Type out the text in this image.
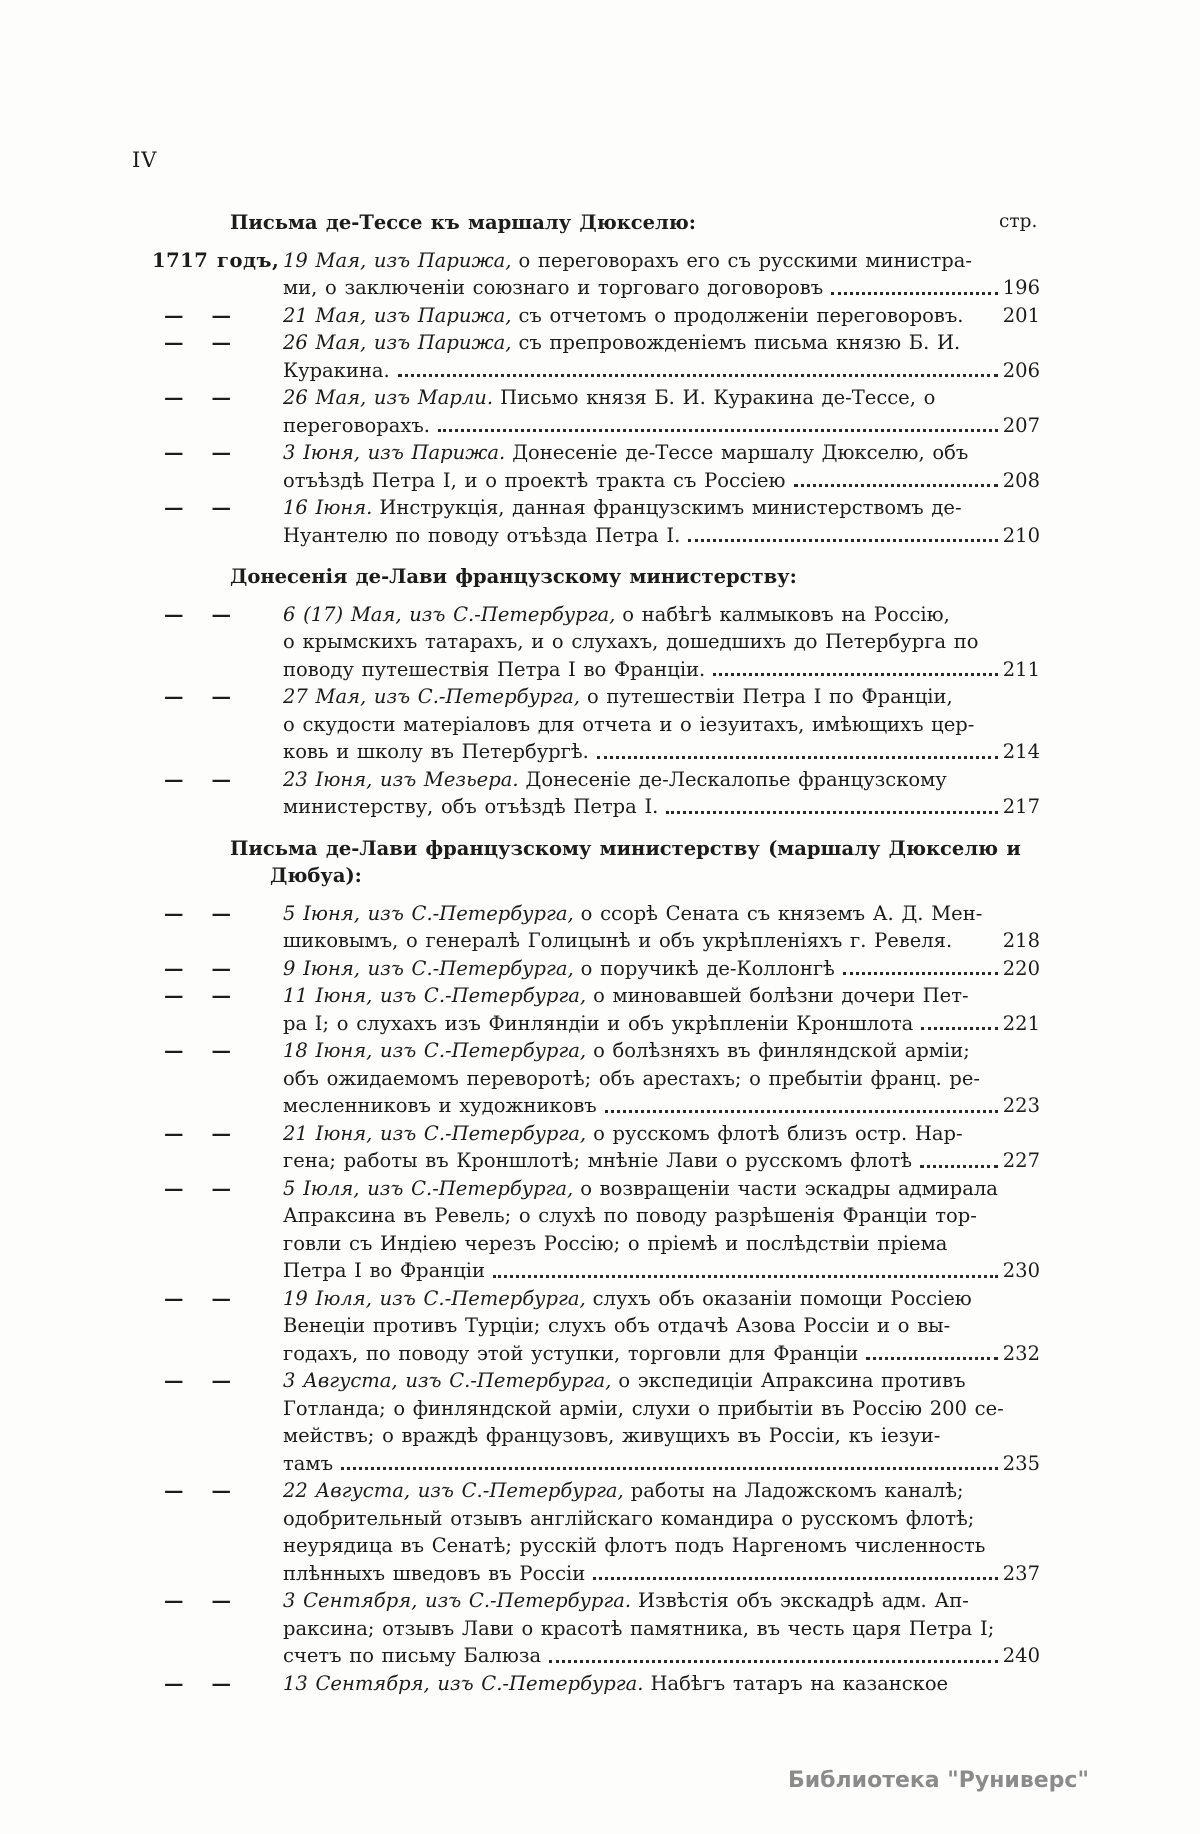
IV
стр.
Письма де-Тессе къ маршалу Дюкселю:
1717 годъ, 19 Мая, изъ Парижа, о переговорахъ его съ русскими министра-
ми, о заключеніи союзнаго и торговаго договоровъ	196
— —	21 Мая, изъ Парижа, съ отчетомъ о продолженіи переговоровъ. 201
— —	26 Мая, изъ Парижа, съ препровожденіемъ письма князю Б. И.
Куракина.	206
— —	26 Мая, изъ Марли. Письмо князя Б. И. Куракина де-Тессе, о
переговорахъ.	207
— —	3 Іюня, изъ Парижа. Донесеніе де-Тессе маршалу Дюкселю, объ
отъѣздѣ Петра I, и о проектѣ тракта съ Россіею	208
— —	16 Іюня. Инструкція, данная французскимъ министерствомъ де-
Нуантелю по поводу отъѣзда Петра I.	210
Донесенія де-Лави французскому министерству:
— —	6 (17) Мая, изъ С.-Петербурга, о набѣгѣ калмыковъ на Россію,
о крымскихъ татарахъ, и о слухахъ, дошедшихъ до Петербурга по
поводу путешествія Петра I во Франціи.	211
— —	27 Мая, изъ С.-Петербурга, о путешествіи Петра I по Франціи,
о скудости матеріаловъ для отчета и о іезуитахъ, имѣющихъ цер-
ковь и школу въ Петербургѣ.	214
— —	23 Іюня, изъ Мезьера. Донесеніе де-Лескалопье французскому
министерству, объ отъѣздѣ Петра I.	217
Письма де-Лави французскому министерству (маршалу Дюкселю и
Дюбуа):
— —	5 Іюня, изъ С.-Петербурга, о ссорѣ Сената съ княземъ А. Д. Мен-
шиковымъ, о генералѣ Голицынѣ и объ укрѣпленіяхъ г. Ревеля.	218
— —	9 Іюня, изъ С.-Петербурга, о поручикѣ де-Коллонгѣ	220
— —	11 Іюня, изъ С.-Петербурга, о миновавшей болѣзни дочери Пет-
ра I; о слухахъ изъ Финляндіи и объ укрѣпленіи Кроншлота	221
— —	18 Іюня, изъ С.-Петербурга, о болѣзняхъ въ финляндской арміи;
объ ожидаемомъ переворотѣ; объ арестахъ; о пребытіи франц. ре-
месленниковъ и художниковъ	223
— —	21 Іюня, изъ С.-Петербурга, о русскомъ флотѣ близъ остр. Нар-
гена; работы въ Кроншлотѣ; мнѣніе Лави о русскомъ флотѣ	227
— —	5 Іюля, изъ С.-Петербурга, о возвращеніи части эскадры адмирала
Апраксина въ Ревель; о слухѣ по поводу разрѣшенія Франціи тор-
говли съ Индіею черезъ Россію; о пріемѣ и послѣдствіи пріема
Петра I во Франціи	230
— —	19 Іюля, изъ С.-Петербурга, слухъ объ оказаніи помощи Россіею
Венеціи противъ Турціи; слухъ объ отдачѣ Азова Россіи и о вы-
годахъ, по поводу этой уступки, торговли для Франціи	232
— —	3 Августа, изъ С.-Петербурга, о экспедиціи Апраксина противъ
Готланда; о финляндской арміи, слухи о прибытіи въ Россію 200 се-
мействъ; о враждѣ французовъ, живущихъ въ Россіи, къ іезуи-
тамъ	235
— —	22 Августа, изъ С.-Петербурга, работы на Ладожскомъ каналѣ;
одобрительный отзывъ англійскаго командира о русскомъ флотѣ;
неурядица въ Сенатѣ; русскій флотъ подъ Наргеномъ численность
плѣнныхъ шведовъ въ Россіи	237
— —	3 Сентября, изъ С.-Петербурга. Извѣстія объ экскадрѣ адм. Ап-
раксина; отзывъ Лави о красотѣ памятника, въ честь царя Петра I;
счетъ по письму Балюза	240
— —	13 Сентября, изъ С.-Петербурга. Набѣгъ татаръ на казанское
Библиотека "Руниверс"
